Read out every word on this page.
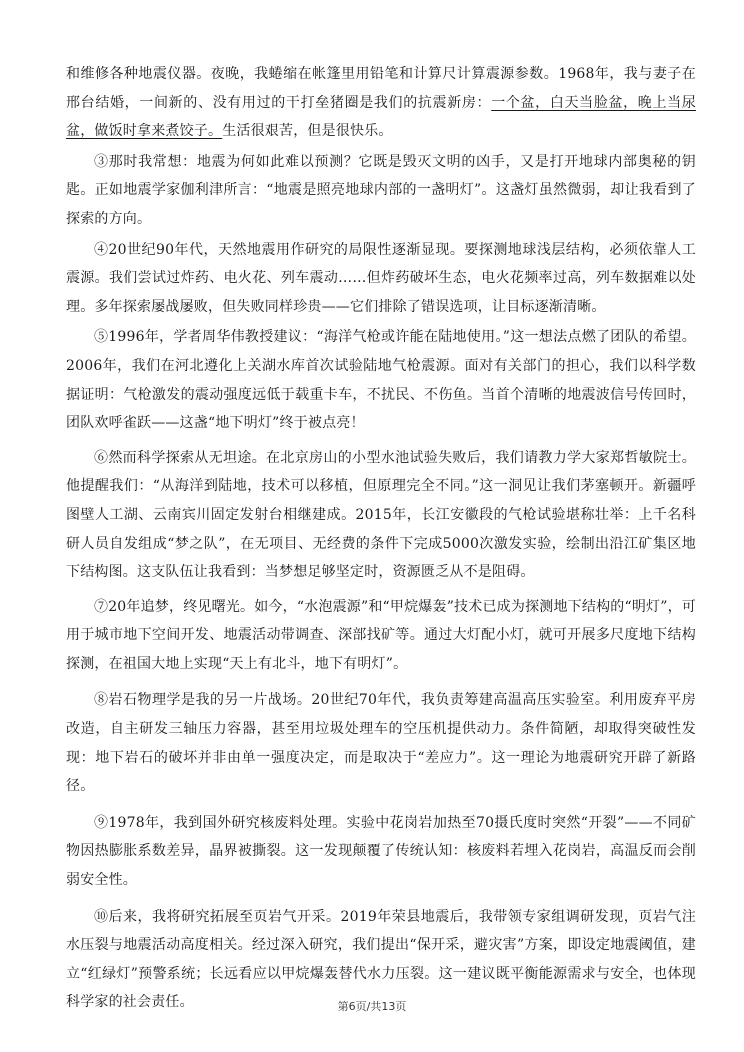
和维修各种地震仪器。夜晚，我蜷缩在帐篷里用铅笔和计算尺计算震源参数。1968年，我与妻子在邢台结婚，一间新的、没有用过的干打垒猪圈是我们的抗震新房：一个盆，白天当脸盆，晚上当尿盆，做饭时拿来煮饺子。生活很艰苦，但是很快乐。

③那时我常想：地震为何如此难以预测？它既是毁灭文明的凶手，又是打开地球内部奥秘的钥匙。正如地震学家伽利津所言：“地震是照亮地球内部的一盏明灯”。这盏灯虽然微弱，却让我看到了探索的方向。

④20世纪90年代，天然地震用作研究的局限性逐渐显现。要探测地球浅层结构，必须依靠人工震源。我们尝试过炸药、电火花、列车震动……但炸药破坏生态，电火花频率过高，列车数据难以处理。多年探索屡战屡败，但失败同样珍贵——它们排除了错误选项，让目标逐渐清晰。

⑤1996年，学者周华伟教授建议：“海洋气枪或许能在陆地使用。”这一想法点燃了团队的希望。2006年，我们在河北遵化上关湖水库首次试验陆地气枪震源。面对有关部门的担心，我们以科学数据证明：气枪激发的震动强度远低于载重卡车，不扰民、不伤鱼。当首个清晰的地震波信号传回时，团队欢呼雀跃——这盏“地下明灯”终于被点亮！

⑥然而科学探索从无坦途。在北京房山的小型水池试验失败后，我们请教力学大家郑哲敏院士。他提醒我们：“从海洋到陆地，技术可以移植，但原理完全不同。”这一洞见让我们茅塞顿开。新疆呼图壁人工湖、云南宾川固定发射台相继建成。2015年，长江安徽段的气枪试验堪称壮举：上千名科研人员自发组成“梦之队”，在无项目、无经费的条件下完成5000次激发实验，绘制出沿江矿集区地下结构图。这支队伍让我看到：当梦想足够坚定时，资源匮乏从不是阻碍。

⑦20年追梦，终见曙光。如今，“水泡震源”和“甲烷爆轰”技术已成为探测地下结构的“明灯”，可用于城市地下空间开发、地震活动带调查、深部找矿等。通过大灯配小灯，就可开展多尺度地下结构探测，在祖国大地上实现“天上有北斗，地下有明灯”。

⑧岩石物理学是我的另一片战场。20世纪70年代，我负责筹建高温高压实验室。利用废弃平房改造，自主研发三轴压力容器，甚至用垃圾处理车的空压机提供动力。条件简陋，却取得突破性发现：地下岩石的破坏并非由单一强度决定，而是取决于“差应力”。这一理论为地震研究开辟了新路径。

⑨1978年，我到国外研究核废料处理。实验中花岗岩加热至70摄氏度时突然“开裂”——不同矿物因热膨胀系数差异，晶界被撕裂。这一发现颠覆了传统认知：核废料若埋入花岗岩，高温反而会削弱安全性。

⑩后来，我将研究拓展至页岩气开采。2019年荣县地震后，我带领专家组调研发现，页岩气注水压裂与地震活动高度相关。经过深入研究，我们提出“保开采，避灾害”方案，即设定地震阈值，建立“红绿灯”预警系统；长远看应以甲烷爆轰替代水力压裂。这一建议既平衡能源需求与安全，也体现科学家的社会责任。	第6页/共13页
